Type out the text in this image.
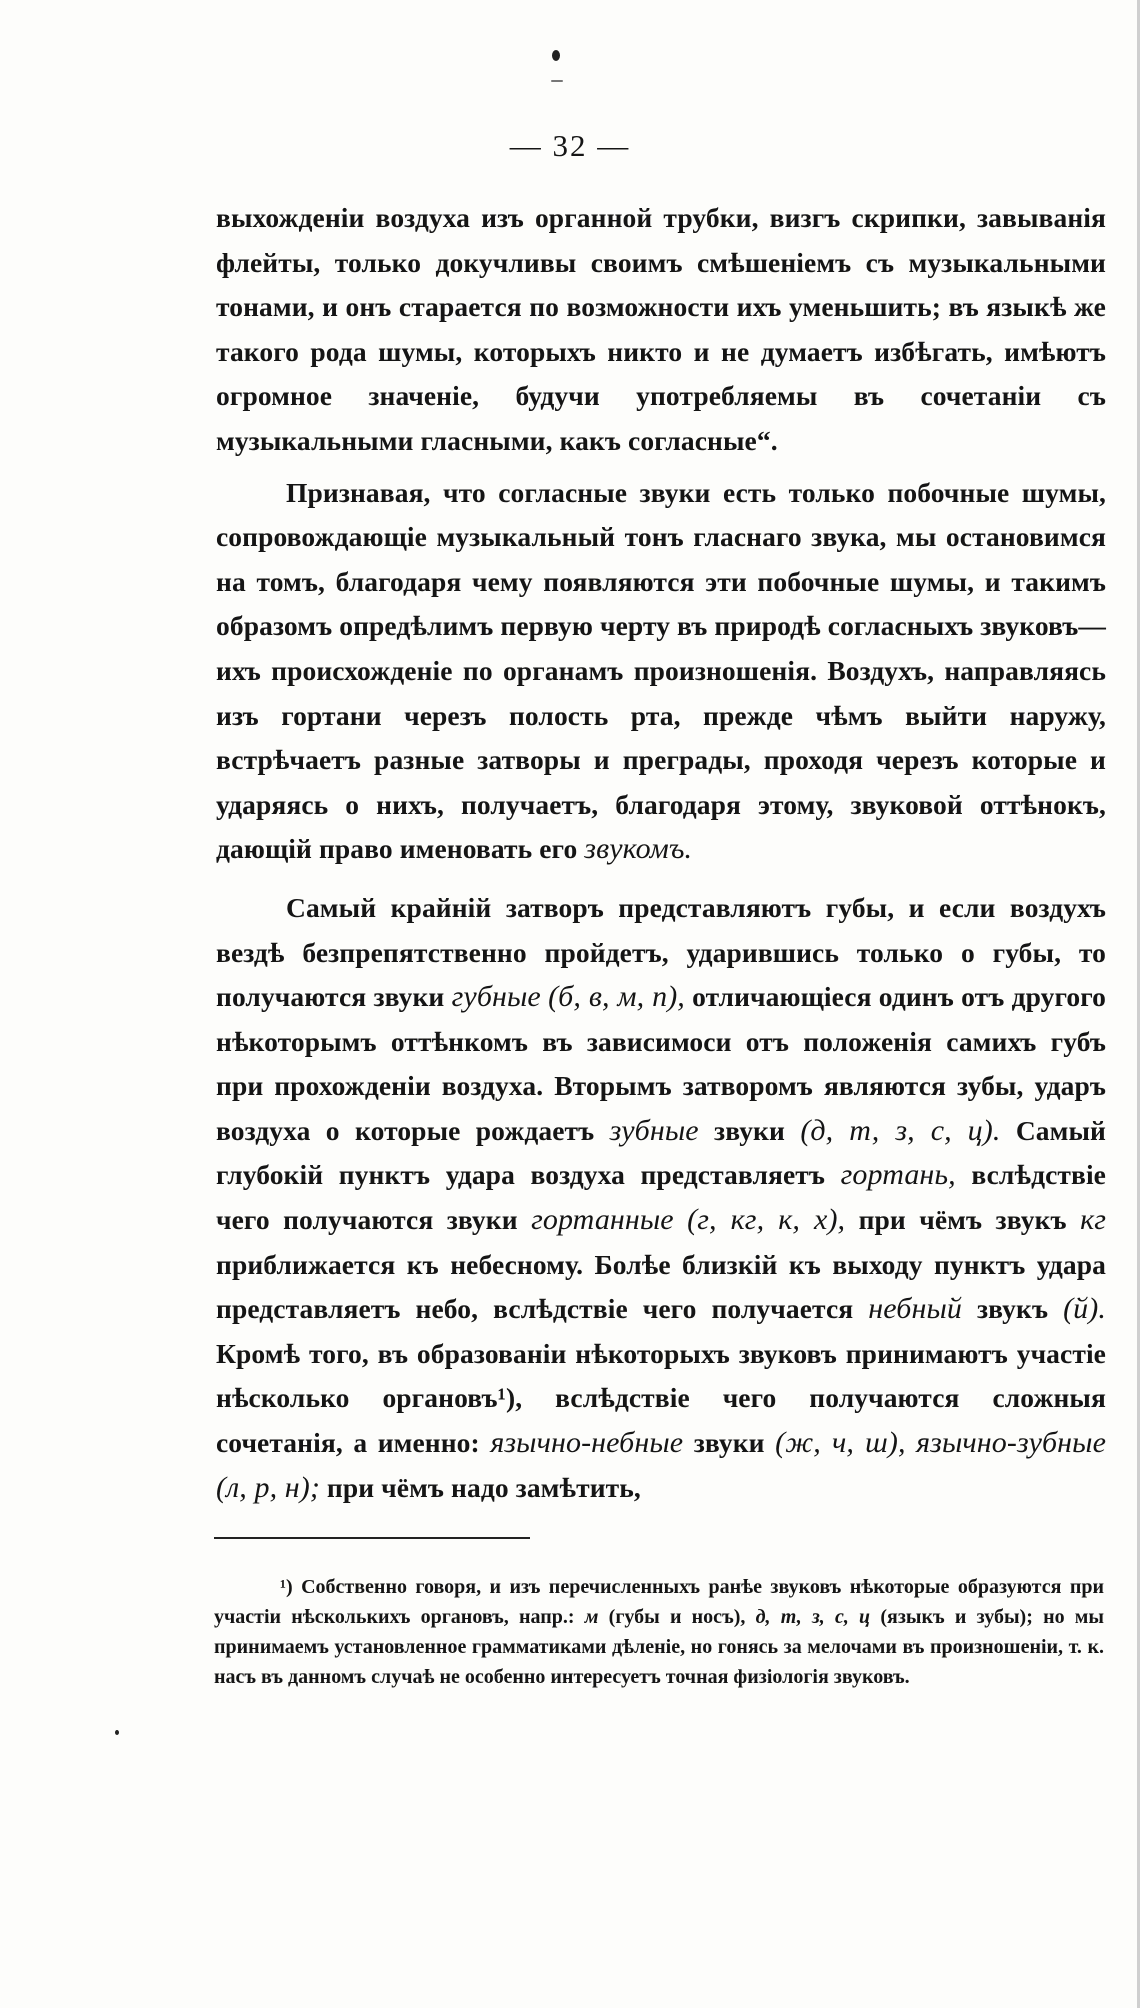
— 32 —

выхожденіи воздуха изъ органной трубки, визгъ скрипки, завыванія флейты, только докучливы своимъ смѣшеніемъ съ музыкальными тонами, и онъ старается по возможности ихъ уменьшить; въ языкѣ же такого рода шумы, которыхъ никто и не думаетъ избѣгать, имѣютъ огромное значеніе, будучи употребляемы въ сочетаніи съ музыкальными гласными, какъ согласные“.

Признавая, что согласные звуки есть только побочные шумы, сопровождающіе музыкальный тонъ гласнаго звука, мы остановимся на томъ, благодаря чему появляются эти побочные шумы, и такимъ образомъ опредѣлимъ первую черту въ природѣ согласныхъ звуковъ— ихъ происхожденіе по органамъ произношенія. Воздухъ, направляясь изъ гортани черезъ полость рта, прежде чѣмъ выйти наружу, встрѣчаетъ разные затворы и преграды, проходя черезъ которые и ударяясь о нихъ, получаетъ, благодаря этому, звуковой оттѣнокъ, дающій право именовать его звукомъ.

Самый крайній затворъ представляютъ губы, и если воздухъ вездѣ безпрепятственно пройдетъ, ударившись только о губы, то получаются звуки губные (б, в, м, п), отличающіеся одинъ отъ другого нѣкоторымъ оттѣнкомъ въ зависимоси отъ положенія самихъ губъ при прохожденіи воздуха. Вторымъ затворомъ являются зубы, ударъ воздуха о которые рождаетъ зубные звуки (д, т, з, с, ц). Самый глубокій пунктъ удара воздуха представляетъ гортань, вслѣдствіе чего получаются звуки гортанные (г, кг, к, х), при чёмъ звукъ кг приближается къ небесному. Болѣе близкій къ выходу пунктъ удара представляетъ небо, вслѣдствіе чего получается небный звукъ (й). Кромѣ того, въ образованіи нѣкоторыхъ звуковъ принимаютъ участіе нѣсколько органовъ¹), вслѣдствіе чего получаются сложныя сочетанія, а именно: язычно-небные звуки (ж, ч, ш), язычно-зубные (л, р, н); при чёмъ надо замѣтить,

¹) Собственно говоря, и изъ перечисленныхъ ранѣе звуковъ нѣкоторые образуются при участіи нѣсколькихъ органовъ, напр.: м (губы и носъ), д, т, з, с, ц (языкъ и зубы); но мы принимаемъ установленное грамматиками дѣленіе, но гонясь за мелочами въ произношеніи, т. к. насъ въ данномъ случаѣ не особенно интересуетъ точная физіологія звуковъ.
